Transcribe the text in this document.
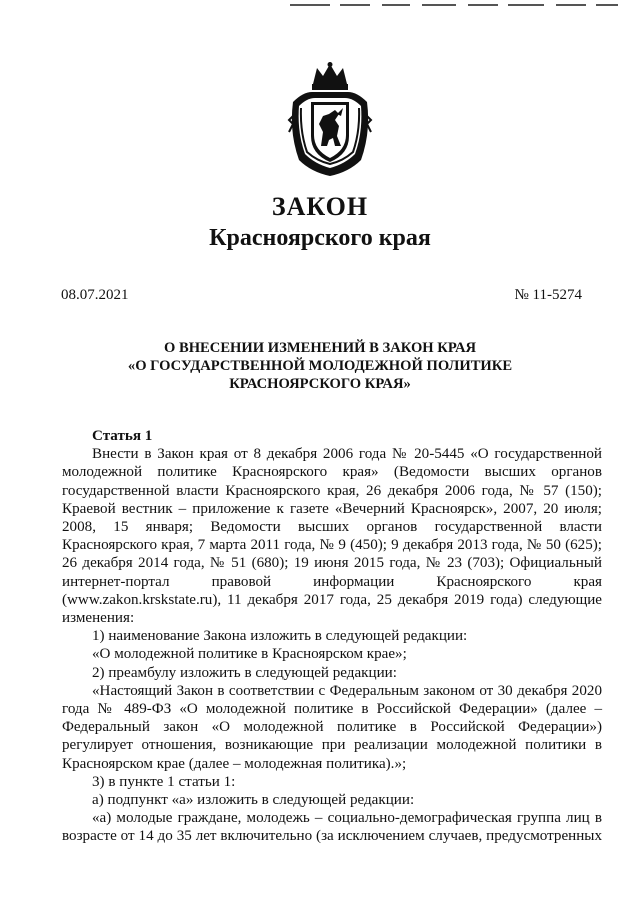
ЗАКОН
Красноярского края
08.07.2021	№ 11-5274
О ВНЕСЕНИИ ИЗМЕНЕНИЙ В ЗАКОН КРАЯ
«О ГОСУДАРСТВЕННОЙ МОЛОДЕЖНОЙ ПОЛИТИКЕ
КРАСНОЯРСКОГО КРАЯ»

Статья 1

Внести в Закон края от 8 декабря 2006 года № 20-5445 «О государственной молодежной политике Красноярского края» (Ведомости высших органов государственной власти Красноярского края, 26 декабря 2006 года, № 57 (150); Краевой вестник – приложение к газете «Вечерний Красноярск», 2007, 20 июля; 2008, 15 января; Ведомости высших органов государственной власти Красноярского края, 7 марта 2011 года, № 9 (450); 9 декабря 2013 года, № 50 (625); 26 декабря 2014 года, № 51 (680); 19 июня 2015 года, № 23 (703); Официальный интернет-портал правовой информации Красноярского края (www.zakon.krskstate.ru), 11 декабря 2017 года, 25 декабря 2019 года) следующие изменения:

1) наименование Закона изложить в следующей редакции:

«О молодежной политике в Красноярском крае»;

2) преамбулу изложить в следующей редакции:

«Настоящий Закон в соответствии с Федеральным законом от 30 декабря 2020 года № 489-ФЗ «О молодежной политике в Российской Федерации» (далее – Федеральный закон «О молодежной политике в Российской Федерации») регулирует отношения, возникающие при реализации молодежной политики в Красноярском крае (далее – молодежная политика).»;

3) в пункте 1 статьи 1:

а) подпункт «а» изложить в следующей редакции:

«а) молодые граждане, молодежь – социально-демографическая группа лиц в возрасте от 14 до 35 лет включительно (за исключением случаев, предусмотренных
